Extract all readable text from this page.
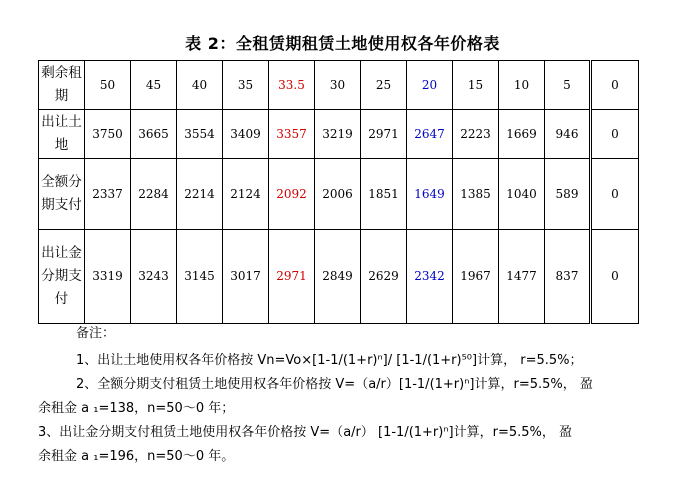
表 2：全租赁期租赁土地使用权各年价格表
剩余租期	50	45	40	35	33.5	30	25	20	15	10	5	0
出让土地	3750	3665	3554	3409	3357	3219	2971	2647	2223	1669	946	0
全额分期支付	2337	2284	2214	2124	2092	2006	1851	1649	1385	1040	589	0
出让金分期支付	3319	3243	3145	3017	2971	2849	2629	2342	1967	1477	837	0
备注：
1、出让土地使用权各年价格按 Vn=Vo×[1-1/(1+r)ⁿ]/ [1-1/(1+r)⁵⁰]计算， r=5.5%；
2、全额分期支付租赁土地使用权各年价格按 V=（a/r）[1-1/(1+r)ⁿ]计算，r=5.5%， 盈
余租金 a ₁=138，n=50～0 年；
3、出让金分期支付租赁土地使用权各年价格按 V=（a/r） [1-1/(1+r)ⁿ]计算，r=5.5%， 盈
余租金 a ₁=196，n=50～0 年。
